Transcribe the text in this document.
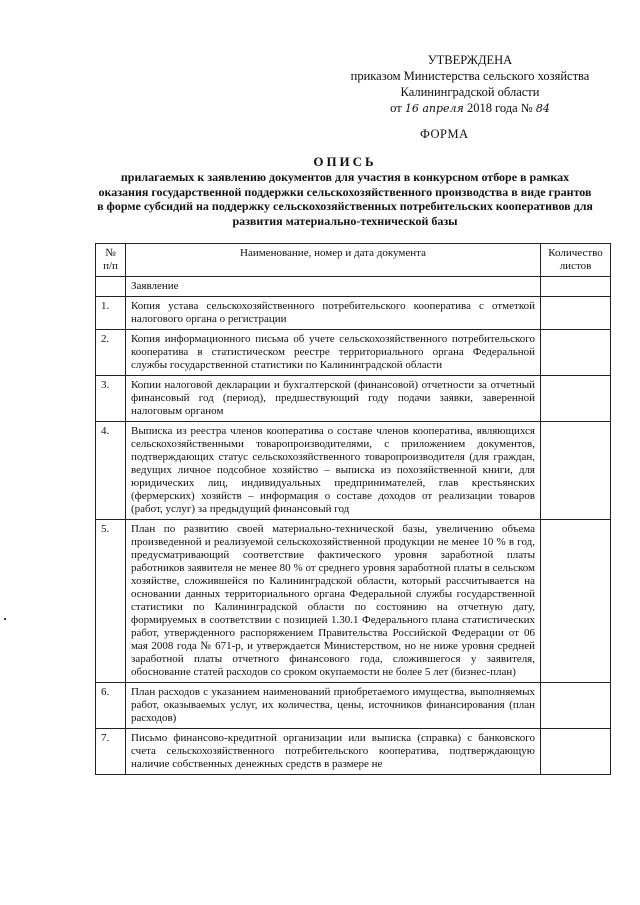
УТВЕРЖДЕНА
приказом Министерства сельского хозяйства
Калининградской области
от 16 апреля 2018 года № 84
ФОРМА
ОПИСЬ
прилагаемых к заявлению документов для участия в конкурсном отборе в рамках оказания государственной поддержки сельскохозяйственного производства в виде грантов в форме субсидий на поддержку сельскохозяйственных потребительских кооперативов для развития материально-технической базы
№ п/п	Наименование, номер и дата документа	Количество листов
	Заявление	
1.	Копия устава сельскохозяйственного потребительского кооператива с отметкой налогового органа о регистрации	
2.	Копия информационного письма об учете сельскохозяйственного потребительского кооператива в статистическом реестре территориального органа Федеральной службы государственной статистики по Калининградской области	
3.	Копии налоговой декларации и бухгалтерской (финансовой) отчетности за отчетный финансовый год (период), предшествующий году подачи заявки, заверенной налоговым органом	
4.	Выписка из реестра членов кооператива о составе членов кооператива, являющихся сельскохозяйственными товаропроизводителями, с приложением документов, подтверждающих статус сельскохозяйственного товаропроизводителя (для граждан, ведущих личное подсобное хозяйство – выписка из похозяйственной книги, для юридических лиц, индивидуальных предпринимателей, глав крестьянских (фермерских) хозяйств – информация о составе доходов от реализации товаров (работ, услуг) за предыдущий финансовый год	
5.	План по развитию своей материально-технической базы, увеличению объема произведенной и реализуемой сельскохозяйственной продукции не менее 10 % в год, предусматривающий соответствие фактического уровня заработной платы работников заявителя не менее 80 % от среднего уровня заработной платы в сельском хозяйстве, сложившейся по Калининградской области, который рассчитывается на основании данных территориального органа Федеральной службы государственной статистики по Калининградской области по состоянию на отчетную дату, формируемых в соответствии с позицией 1.30.1 Федерального плана статистических работ, утвержденного распоряжением Правительства Российской Федерации от 06 мая 2008 года № 671-р, и утверждается Министерством, но не ниже уровня средней заработной платы отчетного финансового года, сложившегося у заявителя, обоснование статей расходов со сроком окупаемости не более 5 лет (бизнес-план)	
6.	План расходов с указанием наименований приобретаемого имущества, выполняемых работ, оказываемых услуг, их количества, цены, источников финансирования (план расходов)	
7.	Письмо финансово-кредитной организации или выписка (справка) с банковского счета сельскохозяйственного потребительского кооператива, подтверждающую наличие собственных денежных средств в размере не	
